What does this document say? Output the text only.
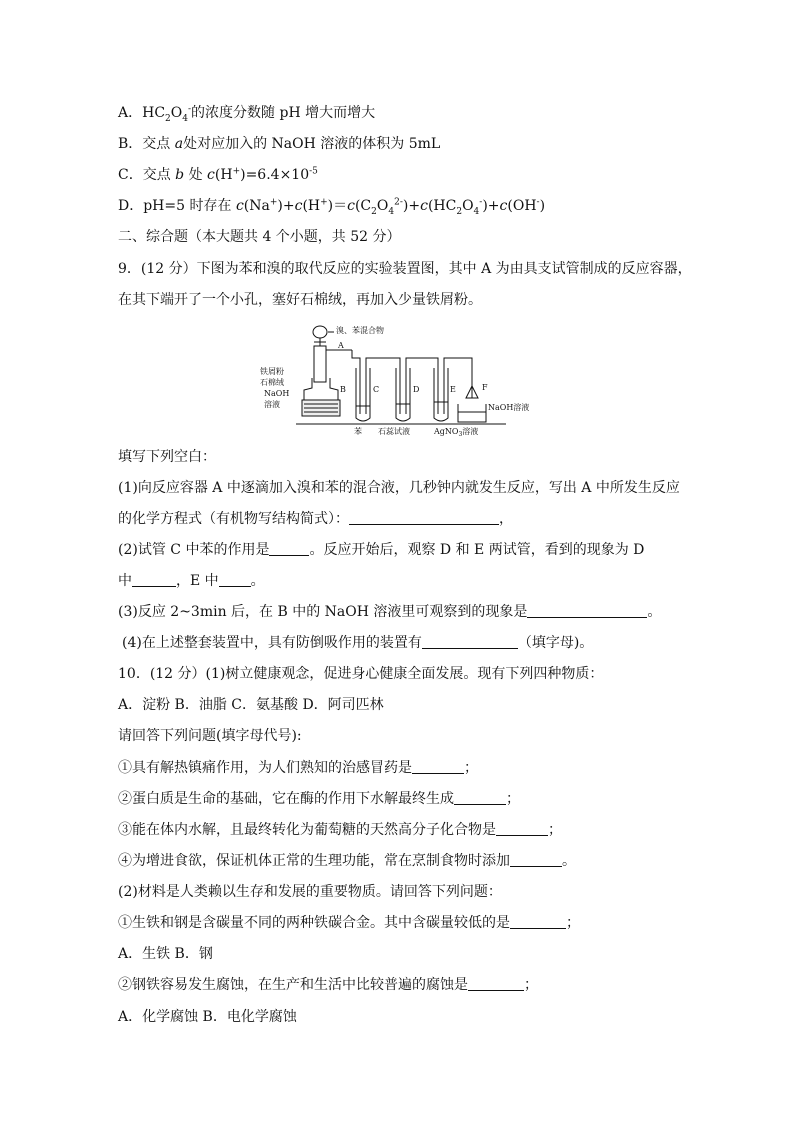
A．$HC_2O_4^-$的浓度分数随 pH 增大而增大
B．交点 a处对应加入的 NaOH 溶液的体积为 5mL
C．交点 b 处 $c(H^+)=6.4\times 10^{-5}$
D．pH=5 时存在 $c(Na^+)+c(H^+)=c(C_2O_4^{2-})+c(HC_2O_4^-)+c(OH^-)$
二、综合题（本大题共 4 个小题，共 52 分）
9．(12 分）下图为苯和溴的取代反应的实验装置图，其中 A 为由具支试管制成的反应容器，
在其下端开了一个小孔，塞好石棉绒，再加入少量铁屑粉。
溴、苯混合物
A
铁屑粉
石棉绒
NaOH
溶液
B	C	D	E	F
NaOH溶液
苯 石蕊试液	AgNO$_3$溶液
填写下列空白：
(1)向反应容器 A 中逐滴加入溴和苯的混合液，几秒钟内就发生反应，写出 A 中所发生反应
的化学方程式（有机物写结构简式）：	，
(2)试管 C 中苯的作用是	。反应开始后，观察 D 和 E 两试管，看到的现象为 D
中	，E 中 。
(3)反应 2~3min 后，在 B 中的 NaOH 溶液里可观察到的现象是	。
(4)在上述整套装置中，具有防倒吸作用的装置有	（填字母)。
10．(12 分）(1)树立健康观念，促进身心健康全面发展。现有下列四种物质：
A．淀粉 B．油脂 C．氨基酸 D．阿司匹林
请回答下列问题(填字母代号):
①具有解热镇痛作用，为人们熟知的治感冒药是	；
②蛋白质是生命的基础，它在酶的作用下水解最终生成	；
③能在体内水解，且最终转化为葡萄糖的天然高分子化合物是	；
④为增进食欲，保证机体正常的生理功能，常在烹制食物时添加	。
(2)材料是人类赖以生存和发展的重要物质。请回答下列问题：
①生铁和钢是含碳量不同的两种铁碳合金。其中含碳量较低的是	；
A．生铁 B．钢
②钢铁容易发生腐蚀，在生产和生活中比较普遍的腐蚀是	；
A．化学腐蚀 B．电化学腐蚀
